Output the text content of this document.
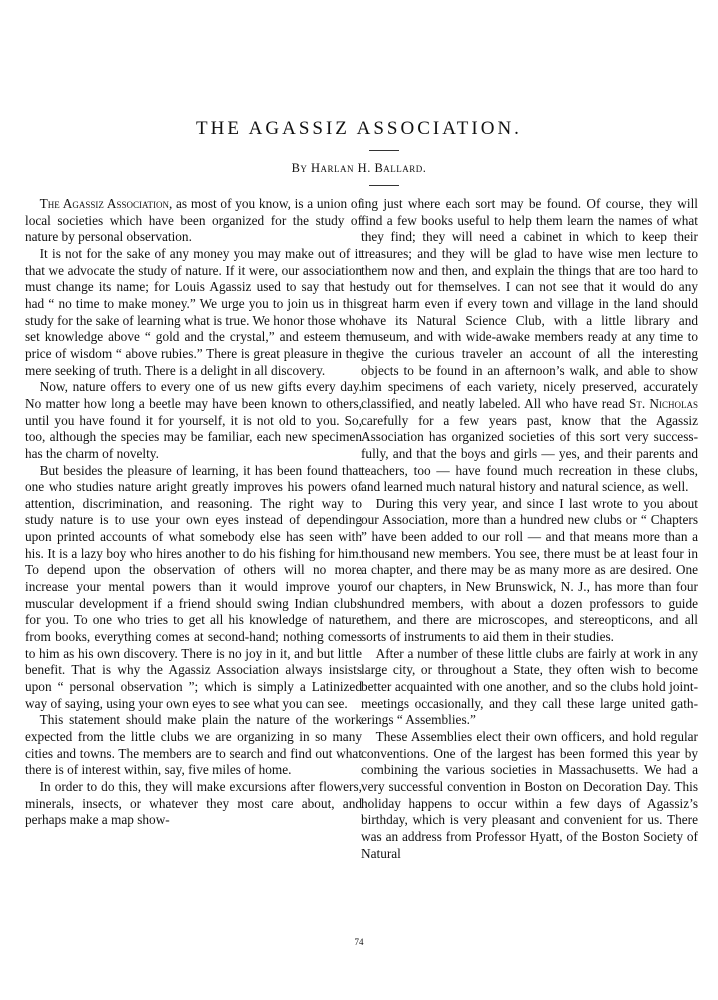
THE AGASSIZ ASSOCIATION.
By Harlan H. Ballard.

The Agassiz Association, as most of you know, is a union of local societies which have been organized for the study of nature by personal observation.

It is not for the sake of any money you may make out of it that we advocate the study of nature. If it were, our association must change its name; for Louis Agassiz used to say that he had “ no time to make money.” We urge you to join us in this study for the sake of learning what is true. We honor those who set knowledge above “ gold and the crystal,” and esteem the price of wisdom “ above rubies.” There is great pleasure in the mere seeking of truth. There is a delight in all discovery.

Now, nature offers to every one of us new gifts every day. No matter how long a beetle may have been known to others, until you have found it for yourself, it is not old to you. So, too, although the species may be familiar, each new specimen has the charm of novelty.

But besides the pleasure of learning, it has been found that one who studies nature aright greatly improves his powers of attention, discrimination, and reasoning. The right way to study nature is to use your own eyes instead of depending upon printed accounts of what somebody else has seen with his. It is a lazy boy who hires another to do his fishing for him. To depend upon the observation of others will no more increase your mental powers than it would improve your muscular development if a friend should swing Indian clubs for you. To one who tries to get all his knowledge of nature from books, everything comes at second-hand; nothing comes to him as his own discovery. There is no joy in it, and but little benefit. That is why the Agassiz Association always insists upon “ personal observation ”; which is simply a Latinized way of saying, using your own eyes to see what you can see.

This statement should make plain the nature of the work expected from the little clubs we are organizing in so many cities and towns. The members are to search and find out what there is of interest within, say, five miles of home.

In order to do this, they will make excursions after flowers, minerals, insects, or whatever they most care about, and perhaps make a map show-

ing just where each sort may be found. Of course, they will find a few books useful to help them learn the names of what they find; they will need a cabinet in which to keep their treasures; and they will be glad to have wise men lecture to them now and then, and explain the things that are too hard to study out for themselves. I can not see that it would do any great harm even if every town and village in the land should have its Natural Science Club, with a little library and museum, and with wide-awake members ready at any time to give the curious traveler an account of all the interesting objects to be found in an afternoon’s walk, and able to show him specimens of each variety, nicely preserved, accurately classified, and neatly labeled. All who have read St. Nicholas carefully for a few years past, know that the Agassiz Association has organized societies of this sort very successfully, and that the boys and girls — yes, and their parents and teachers, too — have found much recreation in these clubs, and learned much natural history and natural science, as well.

During this very year, and since I last wrote to you about our Association, more than a hundred new clubs or “ Chapters ” have been added to our roll — and that means more than a thousand new members. You see, there must be at least four in a chapter, and there may be as many more as are desired. One of our chapters, in New Brunswick, N. J., has more than four hundred members, with about a dozen professors to guide them, and there are microscopes, and stereopticons, and all sorts of instruments to aid them in their studies.

After a number of these little clubs are fairly at work in any large city, or throughout a State, they often wish to become better acquainted with one another, and so the clubs hold joint-meetings occasionally, and they call these large united gatherings “ Assemblies.”

These Assemblies elect their own officers, and hold regular conventions. One of the largest has been formed this year by combining the various societies in Massachusetts. We had a very successful convention in Boston on Decoration Day. This holiday happens to occur within a few days of Agassiz’s birthday, which is very pleasant and convenient for us. There was an address from Professor Hyatt, of the Boston Society of Natural

74
